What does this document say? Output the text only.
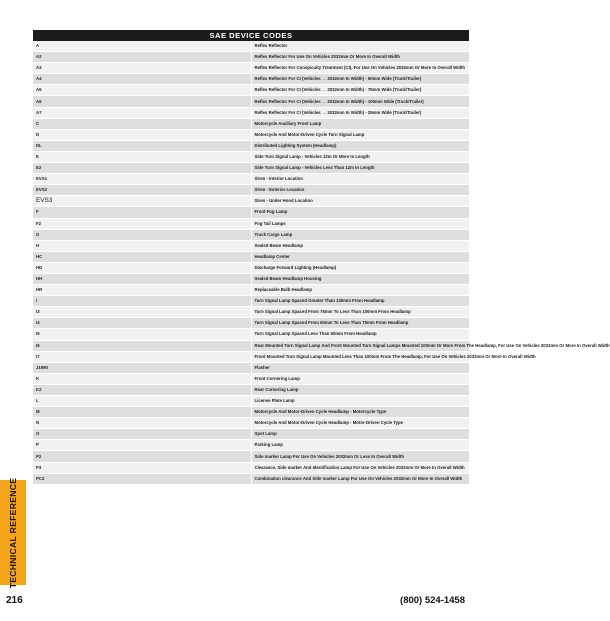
SAE DEVICE CODES	
A	Reflex Reflector
A2	Reflex Reflector For Use On Vehicles 2032mm Or More In Overall Width
A3	Reflex Reflector For Conspicuity Treatment (CI), For Use On Vehicles 2032mm Or More In Overall Width
A4	Reflex Reflector For CI (Vehicles → 2032mm In Width) - 50mm Wide (Truck/Trailer)
A5	Reflex Reflector For CI (Vehicles → 2032mm In Width) - 75mm Wide (Truck/Trailer)
A6	Reflex Reflector For CI (Vehicles → 2032mm In Width) - 100mm Wide (Truck/Trailer)
A7	Reflex Reflector For CI (Vehicles → 2032mm In Width) - 25mm Wide (Truck/Trailer)
C	Motorcycle Auxiliary Front Lamp
D	Motorcycle And Motor-Driven Cycle Turn Signal Lamp
DL	Distributed Lighting System (Headlamp)
E	Side Turn Signal Lamp - Vehicles 12m Or More In Length
E2	Side Turn Signal Lamp - Vehicles Less Than 12m In Length
EVS1	Siren - Interior Location
EVS2	Siren - Exterior Location
EVS3	Siren - Under Hood Location
F	Front Fog Lamp
F2	Fog Tail Lamps
G	Truck Cargo Lamp
H	Sealed Beam Headlamp
HC	Headlamp Center
HD	Discharge Forward Lighting (Headlamp)
HH	Sealed Beam Headlamp Housing
HR	Replaceable Bulb Headlamp
I	Turn Signal Lamp Spaced Greater Than 100mm From Headlamp
I3	Turn Signal Lamp Spaced From 75mm To Less Than 100mm From Headlamp
I4	Turn Signal Lamp Spaced From 60mm To Less Than 75mm From Headlamp
I5	Turn Signal Lamp Spaced Less Than 60mm From Headlamp
I6	Rear Mounted Turn Signal Lamp And Front Mounted Turn Signal Lamps Mounted 100mm Or More From The Headlamp, For Use On Vehicles 2032mm Or More In Overall Width
I7	Front Mounted Turn Signal Lamp Mounted Less Than 100mm From The Headlamp, For Use On Vehicles 2032mm Or More In Overall Width
J1690	Flasher
K	Front Cornering Lamp
K2	Rear Cornering Lamp
L	License Plate Lamp
M	Motorcycle And Motor-Driven Cycle Headlamp - Motorcycle Type
N	Motorcycle And Motor-Driven Cycle Headlamp - Motor-Driven Cycle Type
O	Spot Lamp
P	Parking Lamp
P2	Side marker Lamp For Use On Vehicles 2032mm Or Less In Overall Width
P3	Clearance, Side marker And Identification Lamp For Use On Vehicles 2032mm Or More In Overall Width
PC2	Combination clearance And Side marker Lamp For Use On Vehicles 2032mm Or More In Overall Width
TECHNICAL REFERENCE
216	(800) 524-1458
